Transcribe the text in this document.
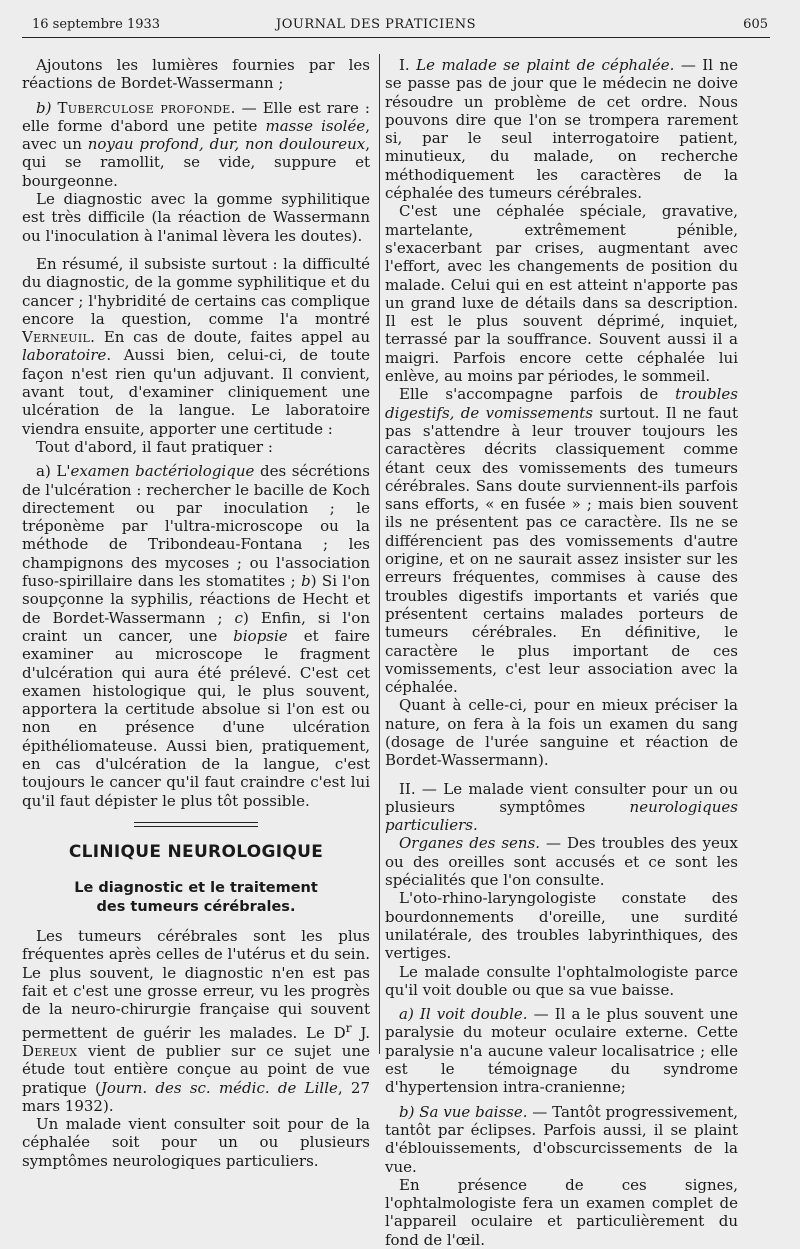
16 septembre 1933	JOURNAL DES PRATICIENS	605

Ajoutons les lumières fournies par les réactions de Bordet-Wassermann ;

b) Tuberculose profonde. — Elle est rare : elle forme d'abord une petite masse isolée, avec un noyau profond, dur, non douloureux, qui se ramollit, se vide, suppure et bourgeonne.

Le diagnostic avec la gomme syphilitique est très difficile (la réaction de Wassermann ou l'inoculation à l'animal lèvera les doutes).

En résumé, il subsiste surtout : la difficulté du diagnostic, de la gomme syphilitique et du cancer ; l'hybridité de certains cas complique encore la question, comme l'a montré Verneuil. En cas de doute, faites appel au laboratoire. Aussi bien, celui-ci, de toute façon n'est rien qu'un adjuvant. Il convient, avant tout, d'examiner cliniquement une ulcération de la langue. Le laboratoire viendra ensuite, apporter une certitude :

Tout d'abord, il faut pratiquer :

a) L'examen bactériologique des sécrétions de l'ulcération : rechercher le bacille de Koch directement ou par inoculation ; le tréponème par l'ultra-microscope ou la méthode de Tribondeau-Fontana ; les champignons des mycoses ; ou l'association fuso-spirillaire dans les stomatites ; b) Si l'on soupçonne la syphilis, réactions de Hecht et de Bordet-Wassermann ; c) Enfin, si l'on craint un cancer, une biopsie et faire examiner au microscope le fragment d'ulcération qui aura été prélevé. C'est cet examen histologique qui, le plus souvent, apportera la certitude absolue si l'on est ou non en présence d'une ulcération épithéliomateuse. Aussi bien, pratiquement, en cas d'ulcération de la langue, c'est toujours le cancer qu'il faut craindre c'est lui qu'il faut dépister le plus tôt possible.

CLINIQUE NEUROLOGIQUE
Le diagnostic et le traitement
des tumeurs cérébrales.

Les tumeurs cérébrales sont les plus fréquentes après celles de l'utérus et du sein. Le plus souvent, le diagnostic n'en est pas fait et c'est une grosse erreur, vu les progrès de la neuro-chirurgie française qui souvent permettent de guérir les malades. Le $D^r$ J. Dereux vient de publier sur ce sujet une étude tout entière conçue au point de vue pratique (Journ. des sc. médic. de Lille, 27 mars 1932).

Un malade vient consulter soit pour de la céphalée soit pour un ou plusieurs symptômes neurologiques particuliers.

I. Le malade se plaint de céphalée. — Il ne se passe pas de jour que le médecin ne doive résoudre un problème de cet ordre. Nous pouvons dire que l'on se trompera rarement si, par le seul interrogatoire patient, minutieux, du malade, on recherche méthodiquement les caractères de la céphalée des tumeurs cérébrales.

C'est une céphalée spéciale, gravative, martelante, extrêmement pénible, s'exacerbant par crises, augmentant avec l'effort, avec les changements de position du malade. Celui qui en est atteint n'apporte pas un grand luxe de détails dans sa description. Il est le plus souvent déprimé, inquiet, terrassé par la souffrance. Souvent aussi il a maigri. Parfois encore cette céphalée lui enlève, au moins par périodes, le sommeil.

Elle s'accompagne parfois de troubles digestifs, de vomissements surtout. Il ne faut pas s'attendre à leur trouver toujours les caractères décrits classiquement comme étant ceux des vomissements des tumeurs cérébrales. Sans doute surviennent-ils parfois sans efforts, « en fusée » ; mais bien souvent ils ne présentent pas ce caractère. Ils ne se différencient pas des vomissements d'autre origine, et on ne saurait assez insister sur les erreurs fréquentes, commises à cause des troubles digestifs importants et variés que présentent certains malades porteurs de tumeurs cérébrales. En définitive, le caractère le plus important de ces vomissements, c'est leur association avec la céphalée.

Quant à celle-ci, pour en mieux préciser la nature, on fera à la fois un examen du sang (dosage de l'urée sanguine et réaction de Bordet-Wassermann).

II. — Le malade vient consulter pour un ou plusieurs symptômes neurologiques particuliers.

Organes des sens. — Des troubles des yeux ou des oreilles sont accusés et ce sont les spécialités que l'on consulte.

L'oto-rhino-laryngologiste constate des bourdonnements d'oreille, une surdité unilatérale, des troubles labyrinthiques, des vertiges.

Le malade consulte l'ophtalmologiste parce qu'il voit double ou que sa vue baisse.

a) Il voit double. — Il a le plus souvent une paralysie du moteur oculaire externe. Cette paralysie n'a aucune valeur localisatrice ; elle est le témoignage du syndrome d'hypertension intra-cranienne;

b) Sa vue baisse. — Tantôt progressivement, tantôt par éclipses. Parfois aussi, il se plaint d'éblouissements, d'obscurcissements de la vue.

En présence de ces signes, l'ophtalmologiste fera un examen complet de l'appareil oculaire et particulièrement du fond de l'œil.
